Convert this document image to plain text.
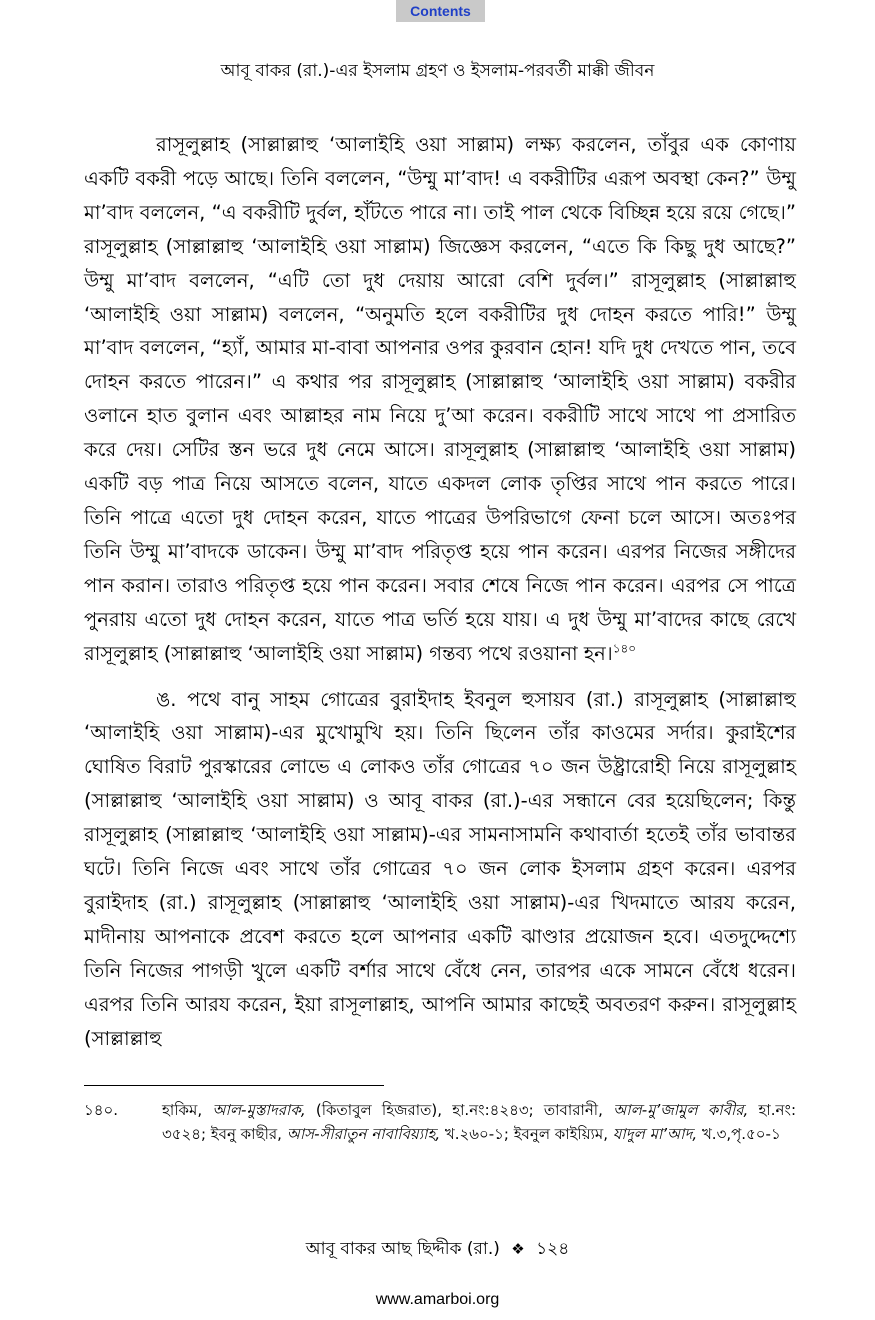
Contents
আবূ বাকর (রা.)-এর ইসলাম গ্রহণ ও ইসলাম-পরবর্তী মাক্কী জীবন

রাসূলুল্লাহ (সাল্লাল্লাহু ‘আলাইহি ওয়া সাল্লাম) লক্ষ্য করলেন, তাঁবুর এক কোণায় একটি বকরী পড়ে আছে। তিনি বললেন, “উম্মু মা’বাদ! এ বকরীটির এরূপ অবস্থা কেন?” উম্মু মা’বাদ বললেন, “এ বকরীটি দুর্বল, হাঁটতে পারে না। তাই পাল থেকে বিচ্ছিন্ন হয়ে রয়ে গেছে।” রাসূলুল্লাহ (সাল্লাল্লাহু ‘আলাইহি ওয়া সাল্লাম) জিজ্ঞেস করলেন, “এতে কি কিছু দুধ আছে?” উম্মু মা’বাদ বললেন, “এটি তো দুধ দেয়ায় আরো বেশি দুর্বল।” রাসূলুল্লাহ (সাল্লাল্লাহু ‘আলাইহি ওয়া সাল্লাম) বললেন, “অনুমতি হলে বকরীটির দুধ দোহন করতে পারি!” উম্মু মা’বাদ বললেন, “হ্যাঁ, আমার মা-বাবা আপনার ওপর কুরবান হোন! যদি দুধ দেখতে পান, তবে দোহন করতে পারেন।” এ কথার পর রাসূলুল্লাহ (সাল্লাল্লাহু ‘আলাইহি ওয়া সাল্লাম) বকরীর ওলানে হাত বুলান এবং আল্লাহর নাম নিয়ে দু’আ করেন। বকরীটি সাথে সাথে পা প্রসারিত করে দেয়। সেটির স্তন ভরে দুধ নেমে আসে। রাসূলুল্লাহ (সাল্লাল্লাহু ‘আলাইহি ওয়া সাল্লাম) একটি বড় পাত্র নিয়ে আসতে বলেন, যাতে একদল লোক তৃপ্তির সাথে পান করতে পারে। তিনি পাত্রে এতো দুধ দোহন করেন, যাতে পাত্রের উপরিভাগে ফেনা চলে আসে। অতঃপর তিনি উম্মু মা’বাদকে ডাকেন। উম্মু মা’বাদ পরিতৃপ্ত হয়ে পান করেন। এরপর নিজের সঙ্গীদের পান করান। তারাও পরিতৃপ্ত হয়ে পান করেন। সবার শেষে নিজে পান করেন। এরপর সে পাত্রে পুনরায় এতো দুধ দোহন করেন, যাতে পাত্র ভর্তি হয়ে যায়। এ দুধ উম্মু মা’বাদের কাছে রেখে রাসূলুল্লাহ (সাল্লাল্লাহু ‘আলাইহি ওয়া সাল্লাম) গন্তব্য পথে রওয়ানা হন।$^{১৪০}$

ঙ. পথে বানু সাহম গোত্রের বুরাইদাহ ইবনুল হুসায়ব (রা.) রাসূলুল্লাহ (সাল্লাল্লাহু ‘আলাইহি ওয়া সাল্লাম)-এর মুখোমুখি হয়। তিনি ছিলেন তাঁর কাওমের সর্দার। কুরাইশের ঘোষিত বিরাট পুরস্কারের লোভে এ লোকও তাঁর গোত্রের ৭০ জন উষ্ট্রারোহী নিয়ে রাসূলুল্লাহ (সাল্লাল্লাহু ‘আলাইহি ওয়া সাল্লাম) ও আবূ বাকর (রা.)-এর সন্ধানে বের হয়েছিলেন; কিন্তু রাসূলুল্লাহ (সাল্লাল্লাহু ‘আলাইহি ওয়া সাল্লাম)-এর সামনাসামনি কথাবার্তা হতেই তাঁর ভাবান্তর ঘটে। তিনি নিজে এবং সাথে তাঁর গোত্রের ৭০ জন লোক ইসলাম গ্রহণ করেন। এরপর বুরাইদাহ (রা.) রাসূলুল্লাহ (সাল্লাল্লাহু ‘আলাইহি ওয়া সাল্লাম)-এর খিদমাতে আরয করেন, মাদীনায় আপনাকে প্রবেশ করতে হলে আপনার একটি ঝাণ্ডার প্রয়োজন হবে। এতদুদ্দেশ্যে তিনি নিজের পাগড়ী খুলে একটি বর্শার সাথে বেঁধে নেন, তারপর একে সামনে বেঁধে ধরেন। এরপর তিনি আরয করেন, ইয়া রাসূলাল্লাহ, আপনি আমার কাছেই অবতরণ করুন। রাসূলুল্লাহ (সাল্লাল্লাহু

১৪০.	হাকিম, আল-মুস্তাদরাক, (কিতাবুল হিজরাত), হা.নং:৪২৪৩; তাবারানী, আল-মু’জামুল কাবীর, হা.নং: ৩৫২৪; ইবনু কাছীর, আস-সীরাতুন নাবাবিয়্যাহ, খ.২৬০-১; ইবনুল কাইয়্যিম, যাদুল মা’আদ, খ.৩,পৃ.৫০-১
আবূ বাকর আছ ছিদ্দীক (রা.) ❖ ১২৪
www.amarboi.org
